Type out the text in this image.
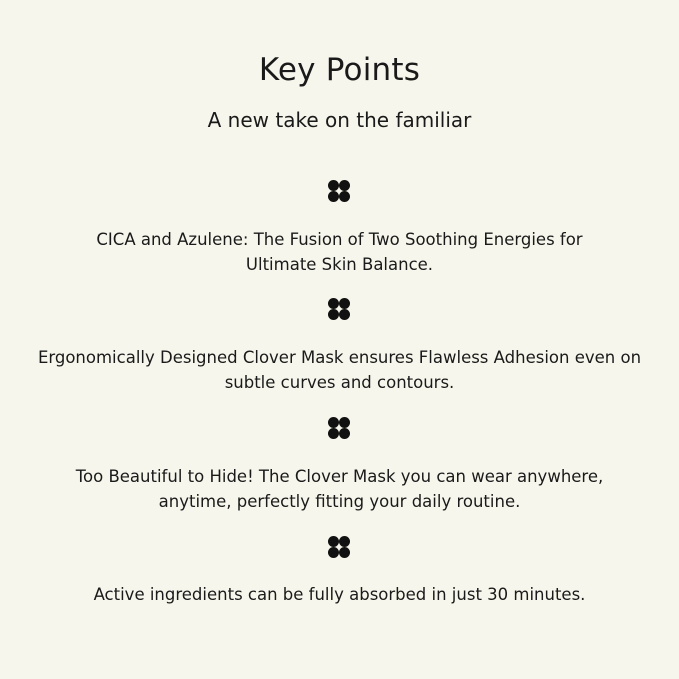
Key Points
A new take on the familiar
CICA and Azulene: The Fusion of Two Soothing Energies for
Ultimate Skin Balance.
Ergonomically Designed Clover Mask ensures Flawless Adhesion even on
subtle curves and contours.
Too Beautiful to Hide! The Clover Mask you can wear anywhere,
anytime, perfectly fitting your daily routine.
Active ingredients can be fully absorbed in just 30 minutes.
